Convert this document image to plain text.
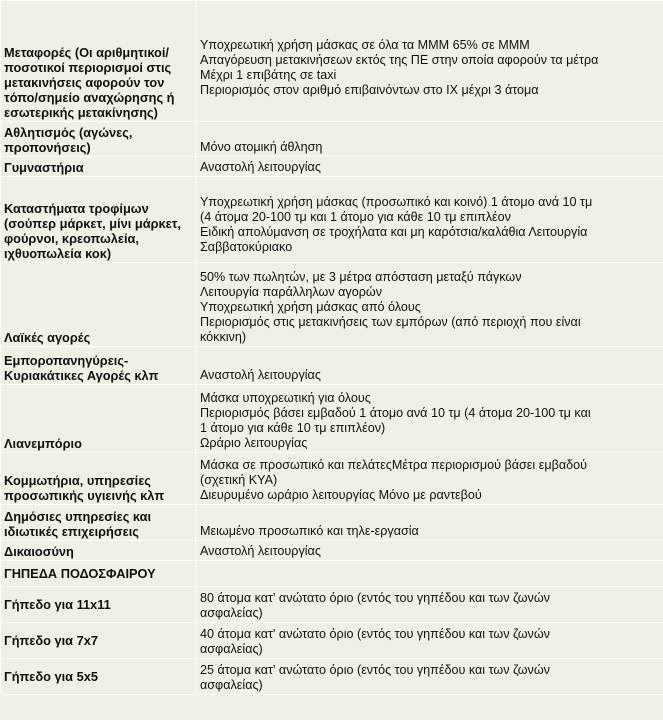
Μεταφορές (Οι αριθμητικοί/ποσοτικοί περιορισμοί στις μετακινήσεις αφορούν τον τόπο/σημείο αναχώρησης ή εσωτερικής μετακίνησης)	Υποχρεωτική χρήση μάσκας σε όλα τα ΜΜΜ 65% σε ΜΜΜ
Απαγόρευση μετακινήσεων εκτός της ΠΕ στην οποία αφορούν τα μέτρα
Μέχρι 1 επιβάτης σε taxi
Περιορισμός στον αριθμό επιβαινόντων στο ΙΧ μέχρι 3 άτομα

Αθλητισμός (αγώνες, προπονήσεις)	Μόνο ατομική άθληση

Γυμναστήρια	Αναστολή λειτουργίας

Καταστήματα τροφίμων (σούπερ μάρκετ, μίνι μάρκετ, φούρνοι, κρεοπωλεία, ιχθυοπωλεία κοκ)	Υποχρεωτική χρήση μάσκας (προσωπικό και κοινό) 1 άτομο ανά 10 τμ
(4 άτομα 20-100 τμ και 1 άτομο για κάθε 10 τμ επιπλέον
Ειδική απολύμανση σε τροχήλατα και μη καρότσια/καλάθια Λειτουργία
Σαββατοκύριακο

Λαϊκές αγορές	50% των πωλητών, με 3 μέτρα απόσταση μεταξύ πάγκων
Λειτουργία παράλληλων αγορών
Υποχρεωτική χρήση μάσκας από όλους
Περιορισμός στις μετακινήσεις των εμπόρων (από περιοχή που είναι
κόκκινη)

Εμποροπανηγύρεις- Κυριακάτικες Αγορές κλπ	Αναστολή λειτουργίας

Λιανεμπόριο	Μάσκα υποχρεωτική για όλους
Περιορισμός βάσει εμβαδού 1 άτομο ανά 10 τμ (4 άτομα 20-100 τμ και
1 άτομο για κάθε 10 τμ επιπλέον)
Ωράριο λειτουργίας

Κομμωτήρια, υπηρεσίες προσωπικής υγιεινής κλπ	Μάσκα σε προσωπικό και πελάτεςΜέτρα περιορισμού βάσει εμβαδού
(σχετική ΚΥΑ)
Διευρυμένο ωράριο λειτουργίας Μόνο με ραντεβού

Δημόσιες υπηρεσίες και ιδιωτικές επιχειρήσεις	Μειωμένο προσωπικό και τηλε-εργασία

Δικαιοσύνη	Αναστολή λειτουργίας

ΓΗΠΕΔΑ ΠΟΔΟΣΦΑΙΡΟΥ	
Γήπεδο για 11x11	80 άτομα κατ' ανώτατο όριο (εντός του γηπέδου και των ζωνών
ασφαλείας)

Γήπεδο για 7x7	40 άτομα κατ' ανώτατο όριο (εντός του γηπέδου και των ζωνών
ασφαλείας)

Γήπεδο για 5x5	25 άτομα κατ' ανώτατο όριο (εντός του γηπέδου και των ζωνών
ασφαλείας)
